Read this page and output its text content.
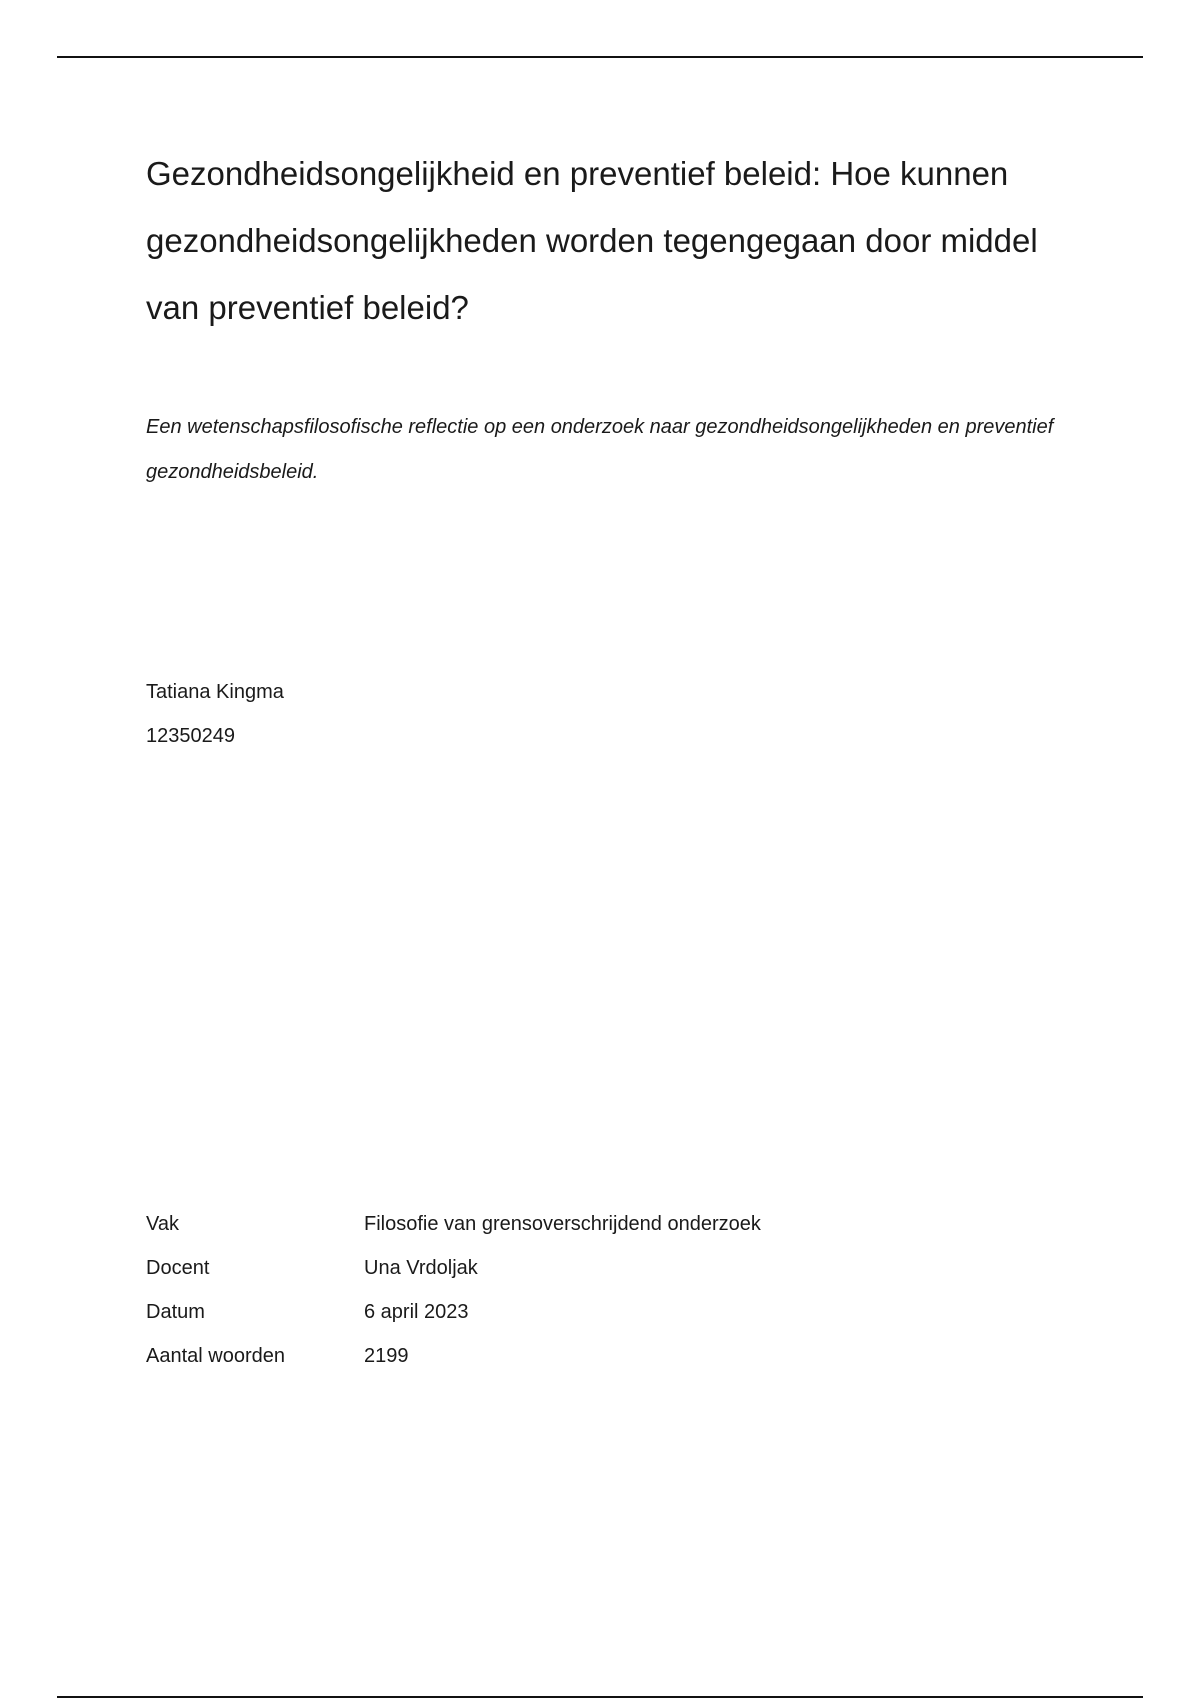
Gezondheidsongelijkheid en preventief beleid: Hoe kunnen gezondheidsongelijkheden worden tegengegaan door middel van preventief beleid?

Een wetenschapsfilosofische reflectie op een onderzoek naar gezondheidsongelijkheden en preventief gezondheidsbeleid.

Tatiana Kingma
12350249
Vak	Filosofie van grensoverschrijdend onderzoek
Docent	Una Vrdoljak
Datum	6 april 2023
Aantal woorden	2199
